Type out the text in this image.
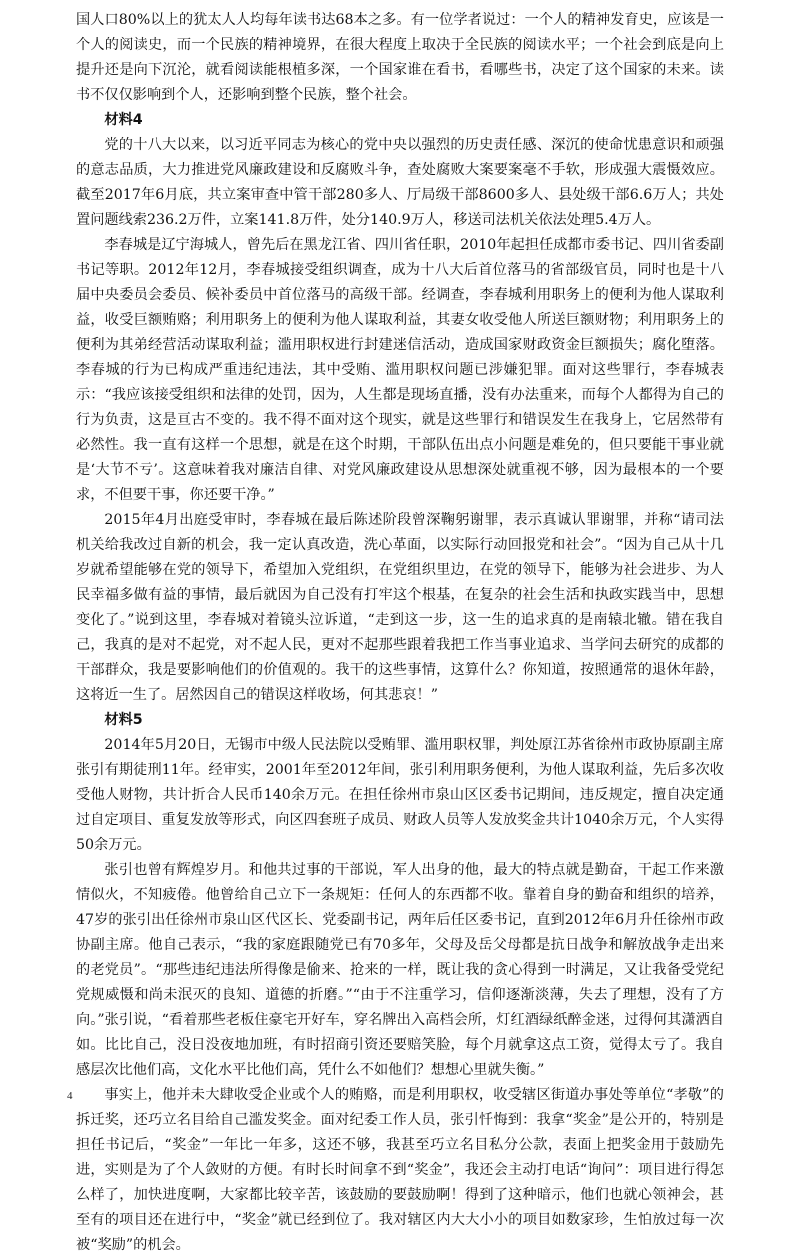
国人口80%以上的犹太人人均每年读书达68本之多。有一位学者说过：一个人的精神发育史，应该是一个人的阅读史，而一个民族的精神境界，在很大程度上取决于全民族的阅读水平；一个社会到底是向上提升还是向下沉沦，就看阅读能根植多深，一个国家谁在看书，看哪些书，决定了这个国家的未来。读书不仅仅影响到个人，还影响到整个民族，整个社会。

材料4

党的十八大以来，以习近平同志为核心的党中央以强烈的历史责任感、深沉的使命忧患意识和顽强的意志品质，大力推进党风廉政建设和反腐败斗争，查处腐败大案要案毫不手软，形成强大震慑效应。截至2017年6月底，共立案审查中管干部280多人、厅局级干部8600多人、县处级干部6.6万人；共处置问题线索236.2万件，立案141.8万件，处分140.9万人，移送司法机关依法处理5.4万人。

李春城是辽宁海城人，曾先后在黑龙江省、四川省任职，2010年起担任成都市委书记、四川省委副书记等职。2012年12月，李春城接受组织调查，成为十八大后首位落马的省部级官员，同时也是十八届中央委员会委员、候补委员中首位落马的高级干部。经调查，李春城利用职务上的便利为他人谋取利益，收受巨额贿赂；利用职务上的便利为他人谋取利益，其妻女收受他人所送巨额财物；利用职务上的便利为其弟经营活动谋取利益；滥用职权进行封建迷信活动，造成国家财政资金巨额损失；腐化堕落。李春城的行为已构成严重违纪违法，其中受贿、滥用职权问题已涉嫌犯罪。面对这些罪行，李春城表示：“我应该接受组织和法律的处罚，因为，人生都是现场直播，没有办法重来，而每个人都得为自己的行为负责，这是亘古不变的。我不得不面对这个现实，就是这些罪行和错误发生在我身上，它居然带有必然性。我一直有这样一个思想，就是在这个时期，干部队伍出点小问题是难免的，但只要能干事业就是‘大节不亏’。这意味着我对廉洁自律、对党风廉政建设从思想深处就重视不够，因为最根本的一个要求，不但要干事，你还要干净。”

2015年4月出庭受审时，李春城在最后陈述阶段曾深鞠躬谢罪，表示真诚认罪谢罪，并称“请司法机关给我改过自新的机会，我一定认真改造，洗心革面，以实际行动回报党和社会”。“因为自己从十几岁就希望能够在党的领导下，希望加入党组织，在党组织里边，在党的领导下，能够为社会进步、为人民幸福多做有益的事情，最后就因为自己没有打牢这个根基，在复杂的社会生活和执政实践当中，思想变化了。”说到这里，李春城对着镜头泣诉道，“走到这一步，这一生的追求真的是南辕北辙。错在我自己，我真的是对不起党，对不起人民，更对不起那些跟着我把工作当事业追求、当学问去研究的成都的干部群众，我是要影响他们的价值观的。我干的这些事情，这算什么？你知道，按照通常的退休年龄，这将近一生了。居然因自己的错误这样收场，何其悲哀！”

材料5

2014年5月20日，无锡市中级人民法院以受贿罪、滥用职权罪，判处原江苏省徐州市政协原副主席张引有期徒刑11年。经审实，2001年至2012年间，张引利用职务便利，为他人谋取利益，先后多次收受他人财物，共计折合人民币140余万元。在担任徐州市泉山区区委书记期间，违反规定，擅自决定通过自定项目、重复发放等形式，向区四套班子成员、财政人员等人发放奖金共计1040余万元，个人实得50余万元。

张引也曾有辉煌岁月。和他共过事的干部说，军人出身的他，最大的特点就是勤奋，干起工作来激情似火，不知疲倦。他曾给自己立下一条规矩：任何人的东西都不收。靠着自身的勤奋和组织的培养，47岁的张引出任徐州市泉山区代区长、党委副书记，两年后任区委书记，直到2012年6月升任徐州市政协副主席。他自己表示，“我的家庭跟随党已有70多年，父母及岳父母都是抗日战争和解放战争走出来的老党员”。“那些违纪违法所得像是偷来、抢来的一样，既让我的贪心得到一时满足，又让我备受党纪党规威慑和尚未泯灭的良知、道德的折磨。”“由于不注重学习，信仰逐渐淡薄，失去了理想，没有了方向。”张引说，“看着那些老板住豪宅开好车，穿名牌出入高档会所，灯红酒绿纸醉金迷，过得何其潇洒自如。比比自己，没日没夜地加班，有时招商引资还要赔笑脸，每个月就拿这点工资，觉得太亏了。我自感层次比他们高，文化水平比他们高，凭什么不如他们？想想心里就失衡。”

事实上，他并未大肆收受企业或个人的贿赂，而是利用职权，收受辖区街道办事处等单位“孝敬”的拆迁奖，还巧立名目给自己滥发奖金。面对纪委工作人员，张引忏悔到：我拿“奖金”是公开的，特别是担任书记后，“奖金”一年比一年多，这还不够，我甚至巧立名目私分公款，表面上把奖金用于鼓励先进，实则是为了个人敛财的方便。有时长时间拿不到“奖金”，我还会主动打电话“询问”：项目进行得怎么样了，加快进度啊，大家都比较辛苦，该鼓励的要鼓励啊！得到了这种暗示，他们也就心领神会，甚至有的项目还在进行中，“奖金”就已经到位了。我对辖区内大大小小的项目如数家珍，生怕放过每一次被“奖励”的机会。

4
